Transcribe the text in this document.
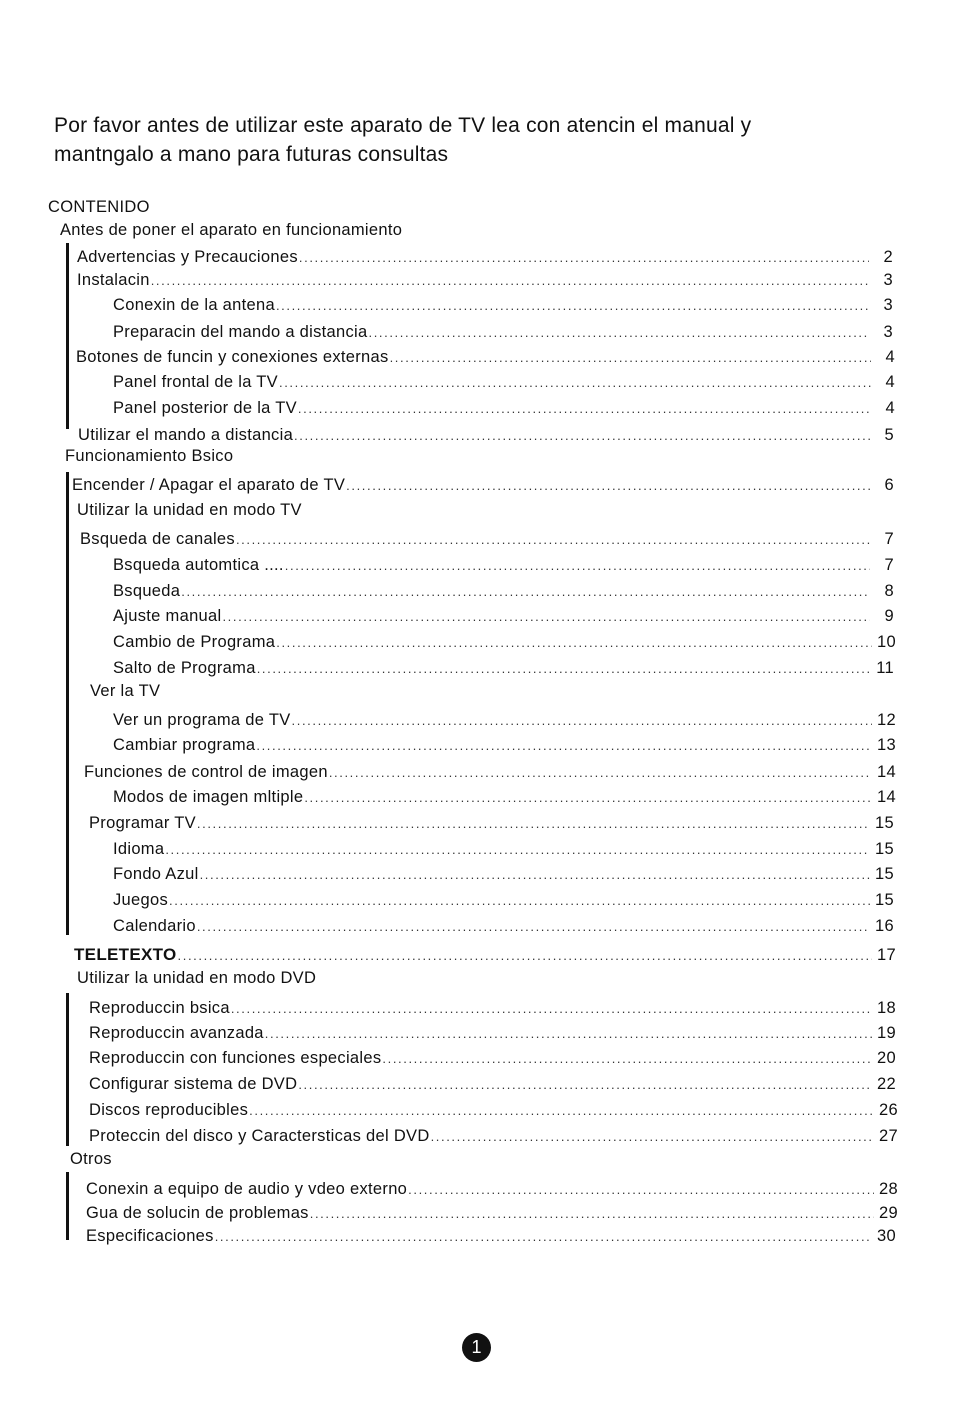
Por favor antes de utilizar este aparato de TV lea con atencin el manual y
mantngalo a mano para futuras consultas
CONTENIDO
Antes de poner el aparato en funcionamiento
Advertencias y Precauciones .....	2
Instalacin .....	3
Conexin de la antena .....	3
Preparacin del mando a distancia .....	3
Botones de funcin y conexiones externas .....	4
Panel frontal de la TV .....	4
Panel posterior de la TV .....	4
Utilizar el mando a distancia .....	5
Funcionamiento Bsico
Encender / Apagar el aparato de TV .....	6
Utilizar la unidad en modo TV
Bsqueda de canales .....	7
Bsqueda automtica .... .....	7
Bsqueda .....	8
Ajuste manual .....	9
Cambio de Programa .....	10
Salto de Programa .....	11
Ver la TV
Ver un programa de TV .....	12
Cambiar programa .....	13
Funciones de control de imagen .....	14
Modos de imagen mltiple .....	14
Programar TV .....	15
Idioma .....	15
Fondo Azul .....	15
Juegos .....	15
Calendario .....	16
TELETEXTO .....	17
Utilizar la unidad en modo DVD
Reproduccin bsica .....	18
Reproduccin avanzada .....	19
Reproduccin con funciones especiales .....	20
Configurar sistema de DVD .....	22
Discos reproducibles .....	26
Proteccin del disco y Caractersticas del DVD .....	27
Otros
Conexin a equipo de audio y vdeo externo .....	28
Gua de solucin de problemas .....	29
Especificaciones .....	30
1
